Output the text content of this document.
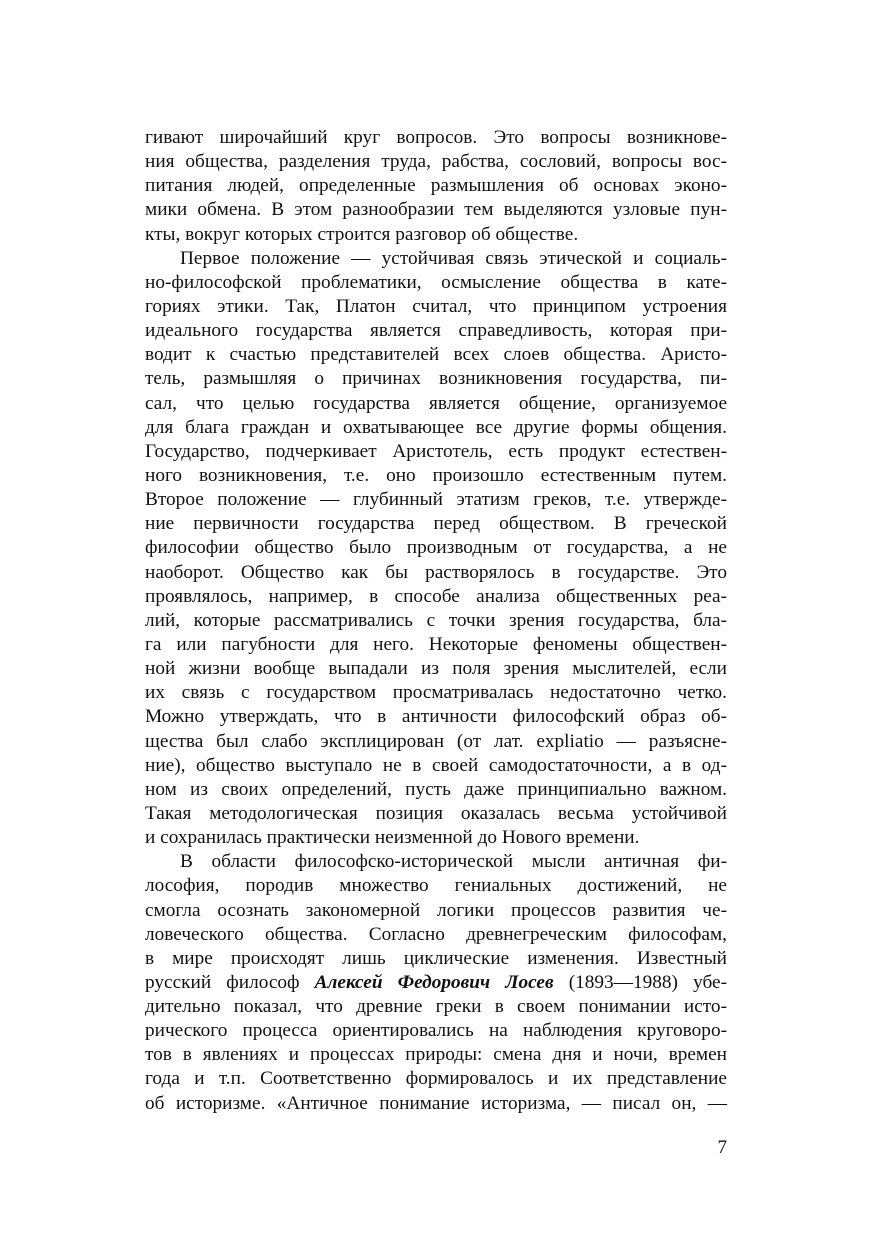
гивают широчайший круг вопросов. Это вопросы возникнове-
ния общества, разделения труда, рабства, сословий, вопросы вос-
питания людей, определенные размышления об основах эконо-
мики обмена. В этом разнообразии тем выделяются узловые пун-
кты, вокруг которых строится разговор об обществе.
Первое положение — устойчивая связь этической и социаль-
но-философской проблематики, осмысление общества в кате-
гориях этики. Так, Платон считал, что принципом устроения
идеального государства является справедливость, которая при-
водит к счастью представителей всех слоев общества. Аристо-
тель, размышляя о причинах возникновения государства, пи-
сал, что целью государства является общение, организуемое
для блага граждан и охватывающее все другие формы общения.
Государство, подчеркивает Аристотель, есть продукт естествен-
ного возникновения, т.е. оно произошло естественным путем.
Второе положение — глубинный этатизм греков, т.е. утвержде-
ние первичности государства перед обществом. В греческой
философии общество было производным от государства, а не
наоборот. Общество как бы растворялось в государстве. Это
проявлялось, например, в способе анализа общественных реа-
лий, которые рассматривались с точки зрения государства, бла-
га или пагубности для него. Некоторые феномены обществен-
ной жизни вообще выпадали из поля зрения мыслителей, если
их связь с государством просматривалась недостаточно четко.
Можно утверждать, что в античности философский образ об-
щества был слабо эксплицирован (от лат. expliatio — разъясне-
ние), общество выступало не в своей самодостаточности, а в од-
ном из своих определений, пусть даже принципиально важном.
Такая методологическая позиция оказалась весьма устойчивой
и сохранилась практически неизменной до Нового времени.
В области философско-исторической мысли античная фи-
лософия, породив множество гениальных достижений, не
смогла осознать закономерной логики процессов развития че-
ловеческого общества. Согласно древнегреческим философам,
в мире происходят лишь циклические изменения. Известный
русский философ Алексей Федорович Лосев (1893—1988) убе-
дительно показал, что древние греки в своем понимании исто-
рического процесса ориентировались на наблюдения круговоро-
тов в явлениях и процессах природы: смена дня и ночи, времен
года и т.п. Соответственно формировалось и их представление
об историзме. «Античное понимание историзма, — писал он, —
7
